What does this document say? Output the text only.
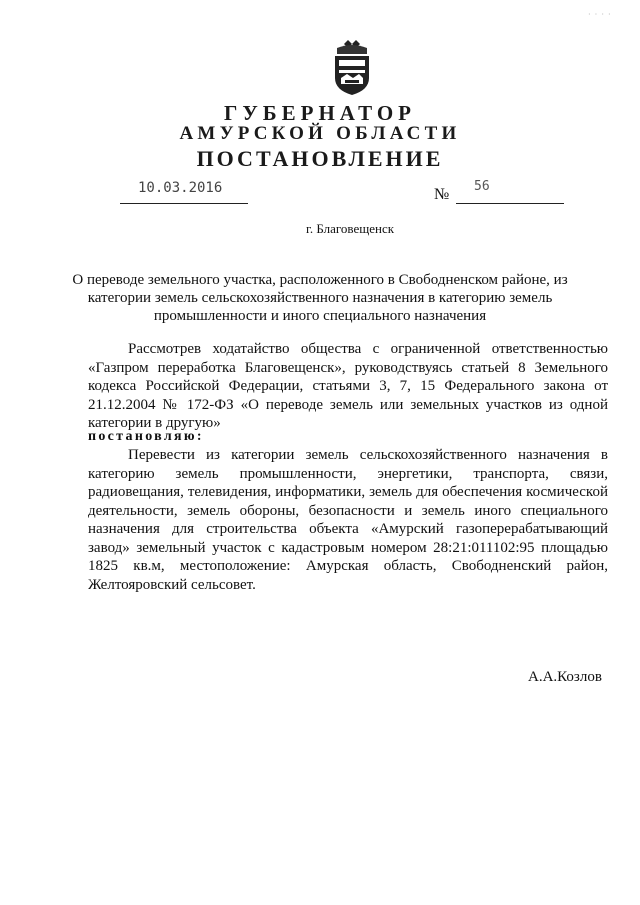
· · · ·
ГУБЕРНАТОР
АМУРСКОЙ ОБЛАСТИ
ПОСТАНОВЛЕНИЕ
10.03.2016	№ 56
г. Благовещенск
О переводе земельного участка, расположенного в Свободненском районе, из категории земель сельскохозяйственного назначения в категорию земель промышленности и иного специального назначения
Рассмотрев ходатайство общества с ограниченной ответственностью «Газпром переработка Благовещенск», руководствуясь статьей 8 Земельного кодекса Российской Федерации, статьями 3, 7, 15 Федерального закона от 21.12.2004 № 172-ФЗ «О переводе земель или земельных участков из одной категории в другую»
постановляю:
Перевести из категории земель сельскохозяйственного назначения в категорию земель промышленности, энергетики, транспорта, связи, радиовещания, телевидения, информатики, земель для обеспечения космической деятельности, земель обороны, безопасности и земель иного специального назначения для строительства объекта «Амурский газоперерабатывающий завод» земельный участок с кадастровым номером 28:21:011102:95 площадью 1825 кв.м, местоположение: Амурская область, Свободненский район, Желтояровский сельсовет.
А.А.Козлов
